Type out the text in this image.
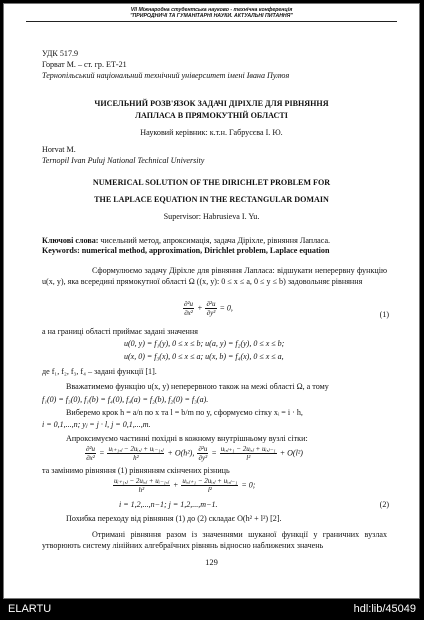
VII Міжнародна студентська науково - технічна конференція
"ПРИРОДНИЧІ ТА ГУМАНІТАРНІ НАУКИ. АКТУАЛЬНІ ПИТАННЯ"
УДК 517.9
Горват М. – ст. гр. ЕТ-21
Тернопільський національний технічний університет імені Івана Пулюя
ЧИСЕЛЬНИЙ РОЗВ'ЯЗОК ЗАДАЧІ ДІРІХЛЕ ДЛЯ РІВНЯННЯ
ЛАПЛАСА В ПРЯМОКУТНІЙ ОБЛАСТІ
Науковий керівник: к.т.н. Габрусєва І. Ю.
Horvat M.
Ternopil Ivan Puluj National Technical University
NUMERICAL SOLUTION OF THE DIRICHLET PROBLEM FOR
THE LAPLACE EQUATION IN THE RECTANGULAR DOMAIN
Supervisor: Habrusieva I. Yu.
Ключові слова: чисельний метод, апроксимація, задача Діріхле, рівняння Лапласа.
Keywords: numerical method, approximation, Dirichlet problem, Laplace equation
Сформулюємо задачу Діріхле для рівняння Лапласа: відшукати неперервну функцію u(x, y), яка всередині прямокутної області Ω ((x, y): 0 ≤ x ≤ a, 0 ≤ y ≤ b) задовольняє рівняння
$\frac{\text{∂²u}}{\text{∂x²}} + \frac{\text{∂²u}}{\text{∂y²}} = 0$,
(1)
а на границі області приймає задані значення
u(0, y) = f₁(y), 0 ≤ x ≤ b; u(a, y) = f₂(y), 0 ≤ x ≤ b;
u(x, 0) = f₃(x), 0 ≤ x ≤ a; u(x, b) = f₄(x), 0 ≤ x ≤ a,
де f₁, f₂, f₃, f₄ – задані функції [1].
Вважатимемо функцію u(x, y) неперервною також на межі області Ω, а тому
f₁(0) = f₃(0), f₁(b) = f₄(0), f₄(a) = f₂(b), f₂(0) = f₃(a).
Виберемо крок h = a/n по x та l = b/m по y, сформуємо сітку xᵢ = i · h,
i = 0,1,...,n; yⱼ = j · l, j = 0,1,...,m.
Апроксимуємо частинні похідні в кожному внутрішньому вузлі сітки:
$\frac{\text{∂²u}}{\text{∂x²}} = \frac{\text{uᵢ₊₁,ⱼ − 2uᵢ,ⱼ + uᵢ₋₁,ⱼ}}{\text{h²}} + O(h^2)$, $\frac{\text{∂²u}}{\text{∂y²}} = \frac{\text{uᵢ,ⱼ₊₁ − 2uᵢ,ⱼ + uᵢ,ⱼ₋₁}}{\text{l²}} + O(l^2)$
та замінимо рівняння (1) рівнянням скінчених різниць
$\frac{\text{uᵢ₊₁,ⱼ − 2uᵢ,ⱼ + uᵢ₋₁,ⱼ}}{\text{h²}} + \frac{\text{uᵢ,ⱼ₊₁ − 2uᵢ,ⱼ + uᵢ,ⱼ₋₁}}{\text{l²}} = 0$;
i = 1,2,...,n−1; j = 1,2,...,m−1.	(2)
Похибка переходу від рівняння (1) до (2) складає O(h² + l²) [2].
Отримані рівняння разом із значеннями шуканої функції у граничних вузлах утворюють систему лінійних алгебраїчних рівнянь відносно наближених значень
129
ELARTU	hdl:lib/45049
